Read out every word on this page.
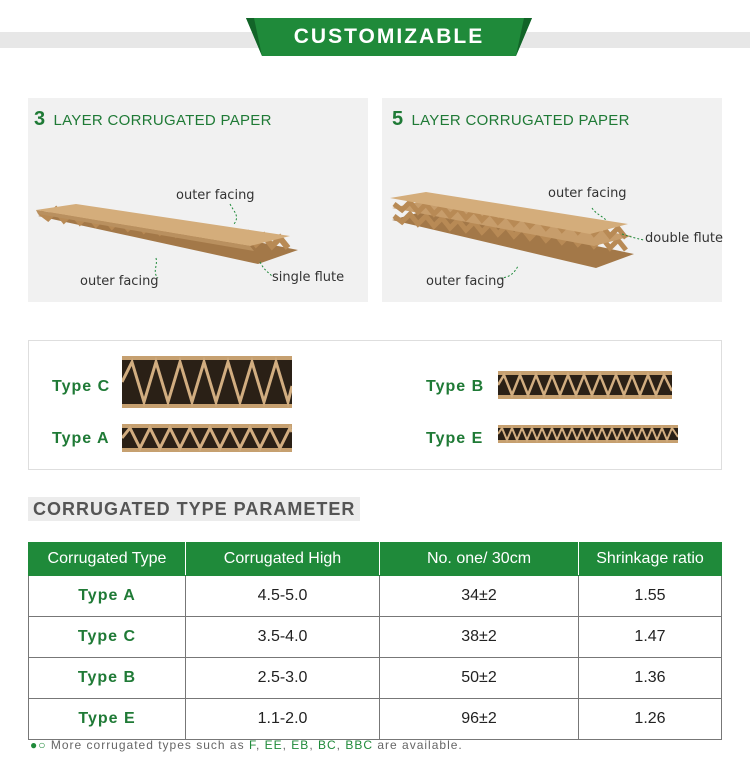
CUSTOMIZABLE
3 LAYER CORRUGATED PAPER
outer facing
outer facing	single flute
5 LAYER CORRUGATED PAPER
outer facing
outer facing
double flute
Type C
Type A
Type B
Type E
CORRUGATED TYPE PARAMETER
Corrugated Type	Corrugated High	No. one/ 30cm	Shrinkage ratio
Type A	4.5-5.0	34±2	1.55
Type C	3.5-4.0	38±2	1.47
Type B	2.5-3.0	50±2	1.36
Type E	1.1-2.0	96±2	1.26
●○ More corrugated types such as F, EE, EB, BC, BBC are available.
